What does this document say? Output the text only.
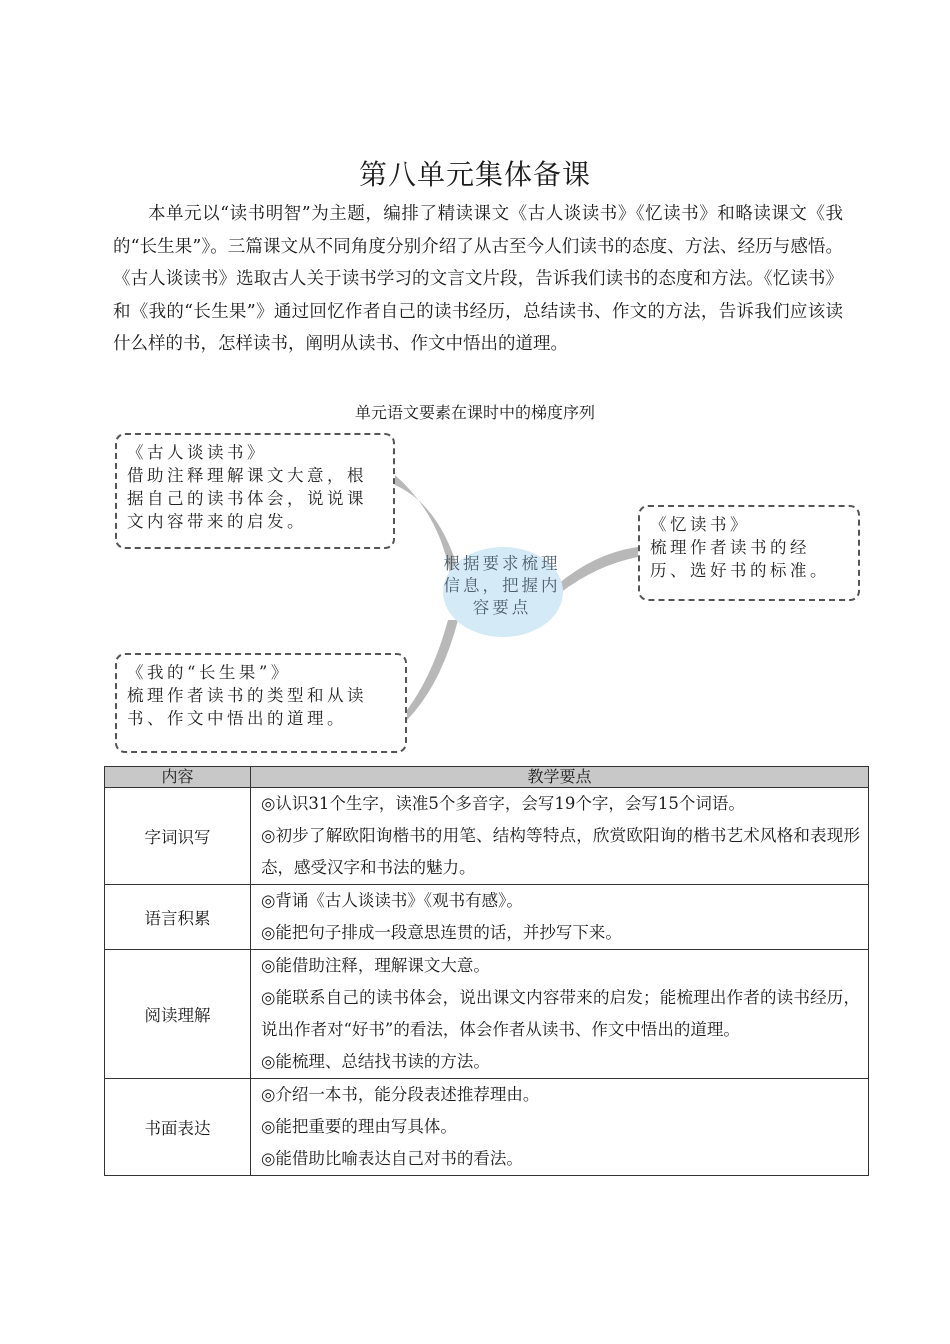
第八单元集体备课

本单元以“读书明智”为主题，编排了精读课文《古人谈读书》《忆读书》和略读课文《我的“长生果”》。三篇课文从不同角度分别介绍了从古至今人们读书的态度、方法、经历与感悟。《古人谈读书》选取古人关于读书学习的文言文片段，告诉我们读书的态度和方法。《忆读书》和《我的“长生果”》通过回忆作者自己的读书经历，总结读书、作文的方法，告诉我们应该读什么样的书，怎样读书，阐明从读书、作文中悟出的道理。

单元语文要素在课时中的梯度序列
《古人谈读书》
借助注释理解课文大意，根据自己的读书体会，说说课文内容带来的启发。	《忆读书》
梳理作者读书的经历、选好书的标准。
《我的“长生果”》
梳理作者读书的类型和从读书、作文中悟出的道理。
根据要求梳理信息，把握内容要点
内容	教学要点
字词识写	◎认识31个生字，读准5个多音字，会写19个字，会写15个词语。

◎初步了解欧阳询楷书的用笔、结构等特点，欣赏欧阳询的楷书艺术风格和表现形态，感受汉字和书法的魅力。

语言积累	◎背诵《古人谈读书》《观书有感》。

◎能把句子排成一段意思连贯的话，并抄写下来。

阅读理解	◎能借助注释，理解课文大意。

◎能联系自己的读书体会，说出课文内容带来的启发；能梳理出作者的读书经历，说出作者对“好书”的看法，体会作者从读书、作文中悟出的道理。

◎能梳理、总结找书读的方法。

书面表达	◎介绍一本书，能分段表述推荐理由。

◎能把重要的理由写具体。

◎能借助比喻表达自己对书的看法。
